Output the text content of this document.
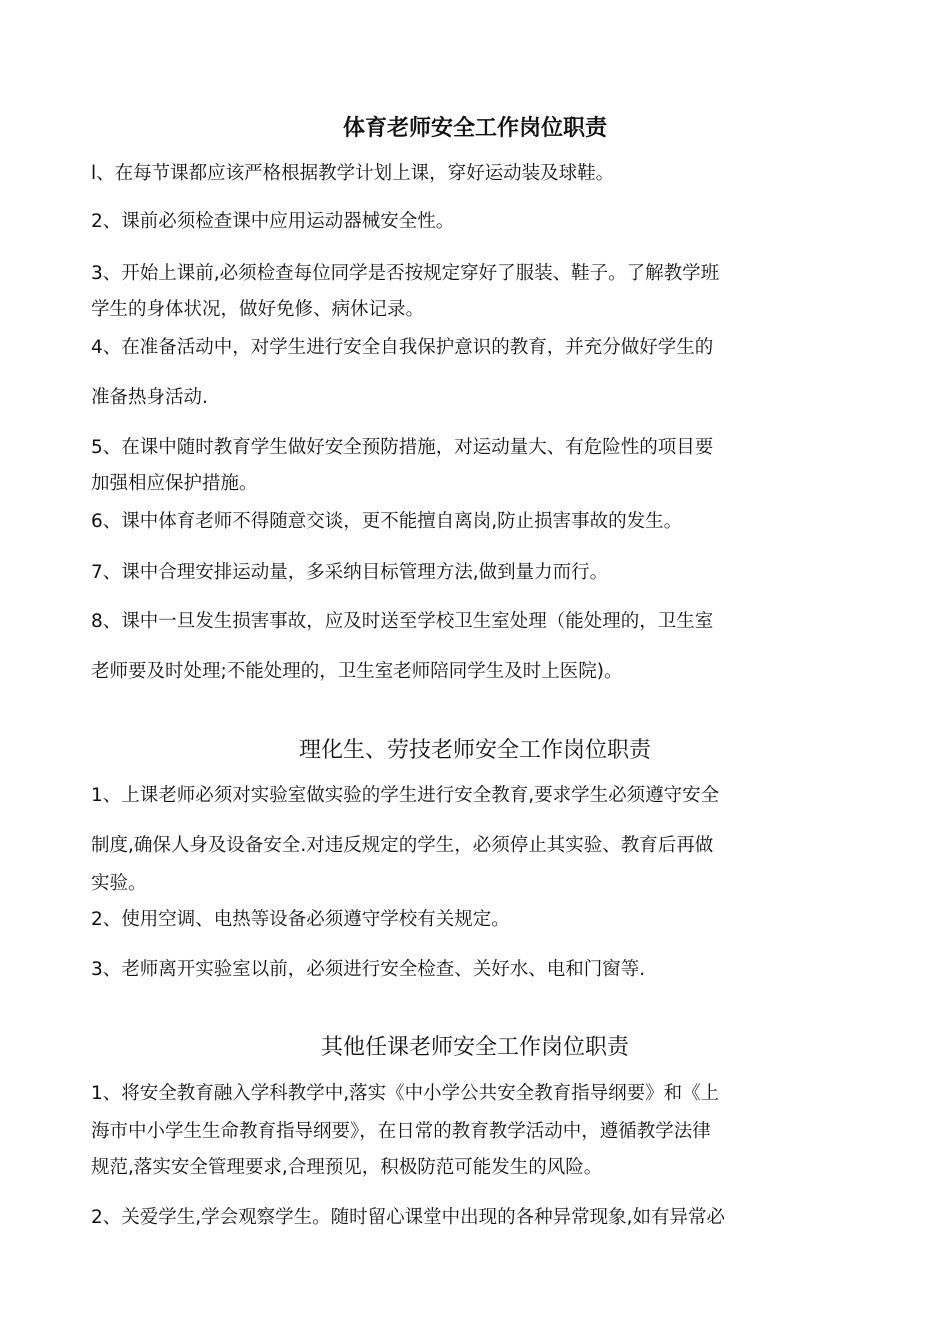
体育老师安全工作岗位职责
l、在每节课都应该严格根据教学计划上课，穿好运动装及球鞋。
2、课前必须检查课中应用运动器械安全性。
3、开始上课前,必须检查每位同学是否按规定穿好了服装、鞋子。了解教学班
学生的身体状况，做好免修、病休记录。
4、在准备活动中，对学生进行安全自我保护意识的教育，并充分做好学生的
准备热身活动.
5、在课中随时教育学生做好安全预防措施，对运动量大、有危险性的项目要
加强相应保护措施。
6、课中体育老师不得随意交谈，更不能擅自离岗,防止损害事故的发生。
7、课中合理安排运动量，多采纳目标管理方法,做到量力而行。
8、课中一旦发生损害事故，应及时送至学校卫生室处理（能处理的，卫生室
老师要及时处理;不能处理的，卫生室老师陪同学生及时上医院)。
理化生、劳技老师安全工作岗位职责
1、上课老师必须对实验室做实验的学生进行安全教育,要求学生必须遵守安全
制度,确保人身及设备安全.对违反规定的学生，必须停止其实验、教育后再做
实验。
2、使用空调、电热等设备必须遵守学校有关规定。
3、老师离开实验室以前，必须进行安全检查、关好水、电和门窗等.
其他任课老师安全工作岗位职责
1、将安全教育融入学科教学中,落实《中小学公共安全教育指导纲要》和《上
海市中小学生生命教育指导纲要》，在日常的教育教学活动中，遵循教学法律
规范,落实安全管理要求,合理预见，积极防范可能发生的风险。
2、关爱学生,学会观察学生。随时留心课堂中出现的各种异常现象,如有异常必
